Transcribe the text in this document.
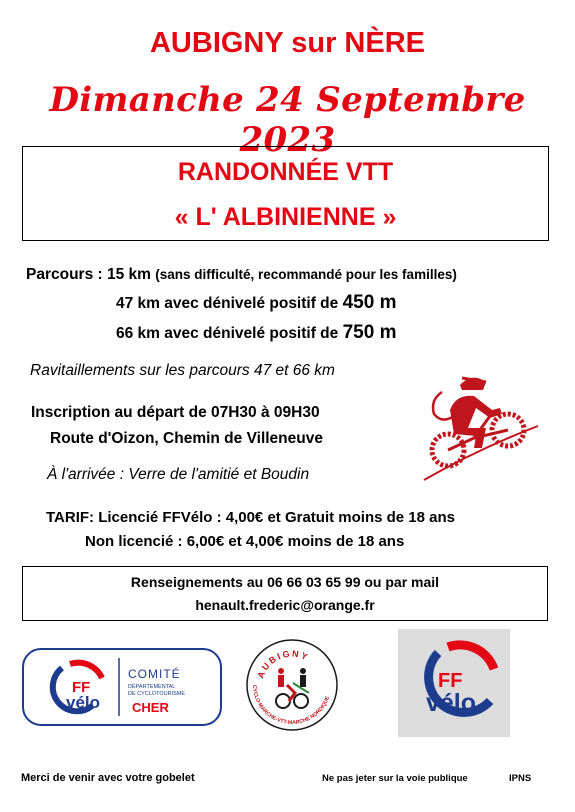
AUBIGNY sur NÈRE
Dimanche 24 Septembre 2023
RANDONNÉE VTT
« L' ALBINIENNE »
Parcours : 15 km (sans difficulté, recommandé pour les familles)
47 km avec dénivelé positif de 450 m
66 km avec dénivelé positif de 750 m
Ravitaillements sur les parcours 47 et 66 km
Inscription au départ de 07H30 à 09H30
Route d'Oizon, Chemin de Villeneuve
À l'arrivée : Verre de l'amitié et Boudin
TARIF: Licencié FFVélo : 4,00€ et Gratuit moins de 18 ans
Non licencié : 6,00€ et 4,00€ moins de 18 ans
Renseignements au 06 66 03 65 99 ou par mail
henault.frederic@orange.fr
FF
vélo
COMITÉ
DÉPARTEMENTAL
DE CYCLOTOURISME
CHER
AUBIGNY
CYCLO-MARCHE-VTT-MARCHE NORDIQUE
FF
vélo
Merci de venir avec votre gobelet	Ne pas jeter sur la voie publique	IPNS
